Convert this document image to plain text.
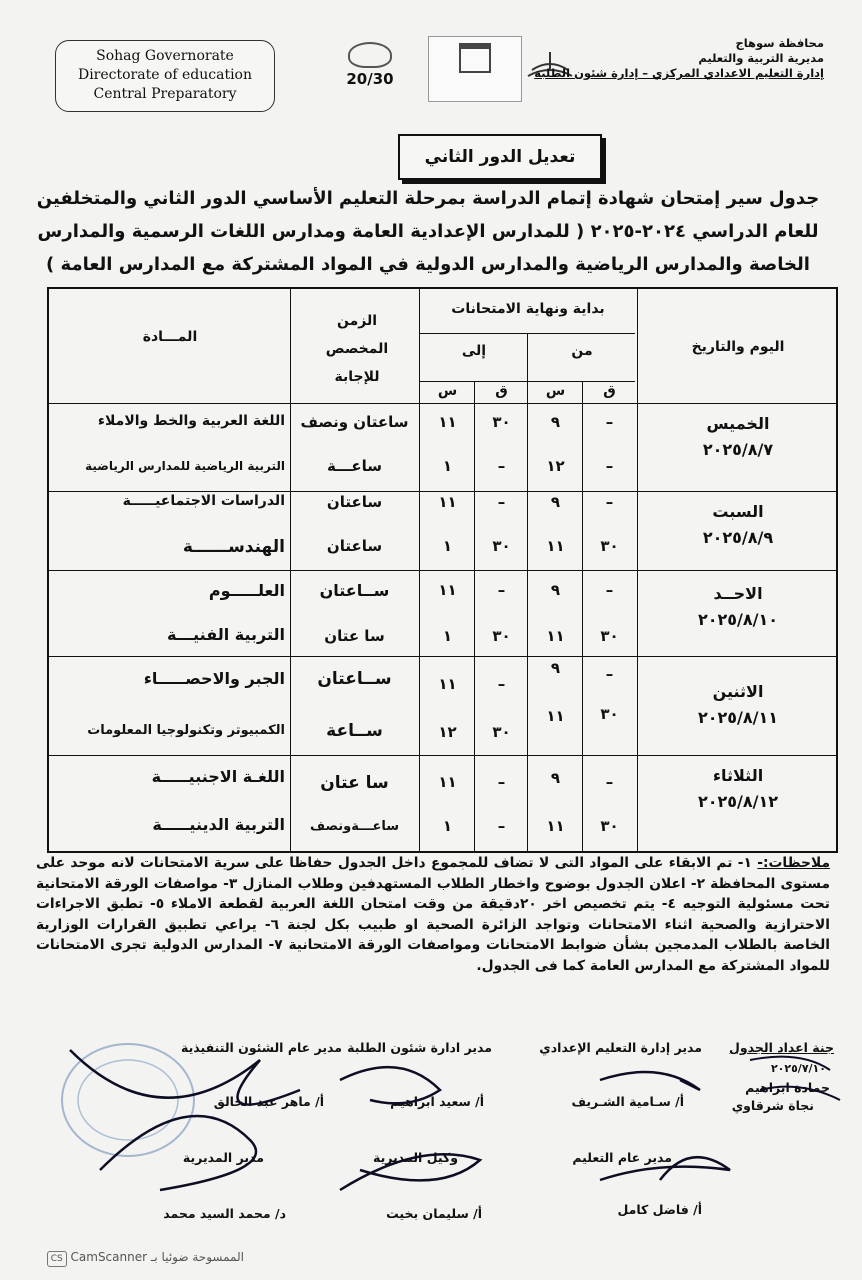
Sohag Governorate
Directorate of education
Central Preparatory
20/30
محافظة سوهاج
مديرية التربية والتعليم
إدارة التعليم الاعدادي المركزي – إدارة شئون الطلبة
تعديل الدور الثاني
جدول سير إمتحان شهادة إتمام الدراسة بمرحلة التعليم الأساسي الدور الثاني والمتخلفين للعام الدراسي ٢٠٢٤-٢٠٢٥ ( للمدارس الإعدادية العامة ومدارس اللغات الرسمية والمدارس الخاصة والمدارس الرياضية والمدارس الدولية في المواد المشتركة مع المدارس العامة )
اليوم والتاريخ
بداية ونهاية الامتحانات
من
إلى
ق
س
ق
س
الزمن المخصص للإجابة
المـــادة
الخميس
٢٠٢٥/٨/٧
–
٩
٣٠
١١
ساعتان ونصف
اللغة العربية والخط والاملاء
–
١٢
–
١
ساعـــة
التربية الرياضية للمدارس الرياضية
السبت
٢٠٢٥/٨/٩
–
٩
–
١١
ساعتان
الدراسات الاجتماعيـــــة
٣٠
١١
٣٠
١
ساعتان
الهندســــــة
الاحــد
٢٠٢٥/٨/١٠
–
٩
–
١١
ســاعتان
العلـــــوم
٣٠
١١
٣٠
١
سا عتان
التربية الفنيـــة
الاثنين
٢٠٢٥/٨/١١
–
٩
–
١١
ســاعتان
الجبر والاحصـــــاء
٣٠
١١
٣٠
١٢
ســاعة
الكمبيوتر وتكنولوجيا المعلومات
الثلاثاء
٢٠٢٥/٨/١٢
–
٩
–
١١
سا عتان
اللغـة الاجنبيـــــة
٣٠
١١
–
١
ساعـــةونصف
التربية الدينيـــــة
ملاحظات:- ١- تم الابقاء على المواد التى لا تضاف للمجموع داخل الجدول حفاظا على سرية الامتحانات لانه موحد على مستوى المحافظة ٢- اعلان الجدول بوضوح واخطار الطلاب المستهدفين وطلاب المنازل ٣- مواصفات الورقة الامتحانية تحت مسئولية التوجيه ٤- يتم تخصيص اخر ٢٠دقيقة من وقت امتحان اللغة العربية لقطعة الاملاء ٥- تطبق الاجراءات الاحترازية والصحية اثناء الامتحانات وتواجد الزائرة الصحية او طبيب بكل لجنة ٦- يراعي تطبيق القرارات الوزارية الخاصة بالطلاب المدمجين بشأن ضوابط الامتحانات ومواصفات الورقة الامتحانية ٧- المدارس الدولية تجرى الامتحانات للمواد المشتركة مع المدارس العامة كما فى الجدول.
جنة اعداد الجدول
٢٠٢٥/٧/١٠
حمادة ابراهيم
نجاة شرقاوي
مدير إدارة التعليم الإعدادي
أ/ سـامية الشـريف
مدير ادارة شئون الطلبة
أ/ سعيد ابراهيم
مدير عام الشئون التنفيذية
أ/ ماهر عبد الخالق
مدير عام التعليم
أ/ فاضل كامل
وكيل المديرية
أ/ سليمان بخيت
مدير المديرية
د/ محمد السيد محمد
الممسوحة ضوئيا بـ CamScanner CS
